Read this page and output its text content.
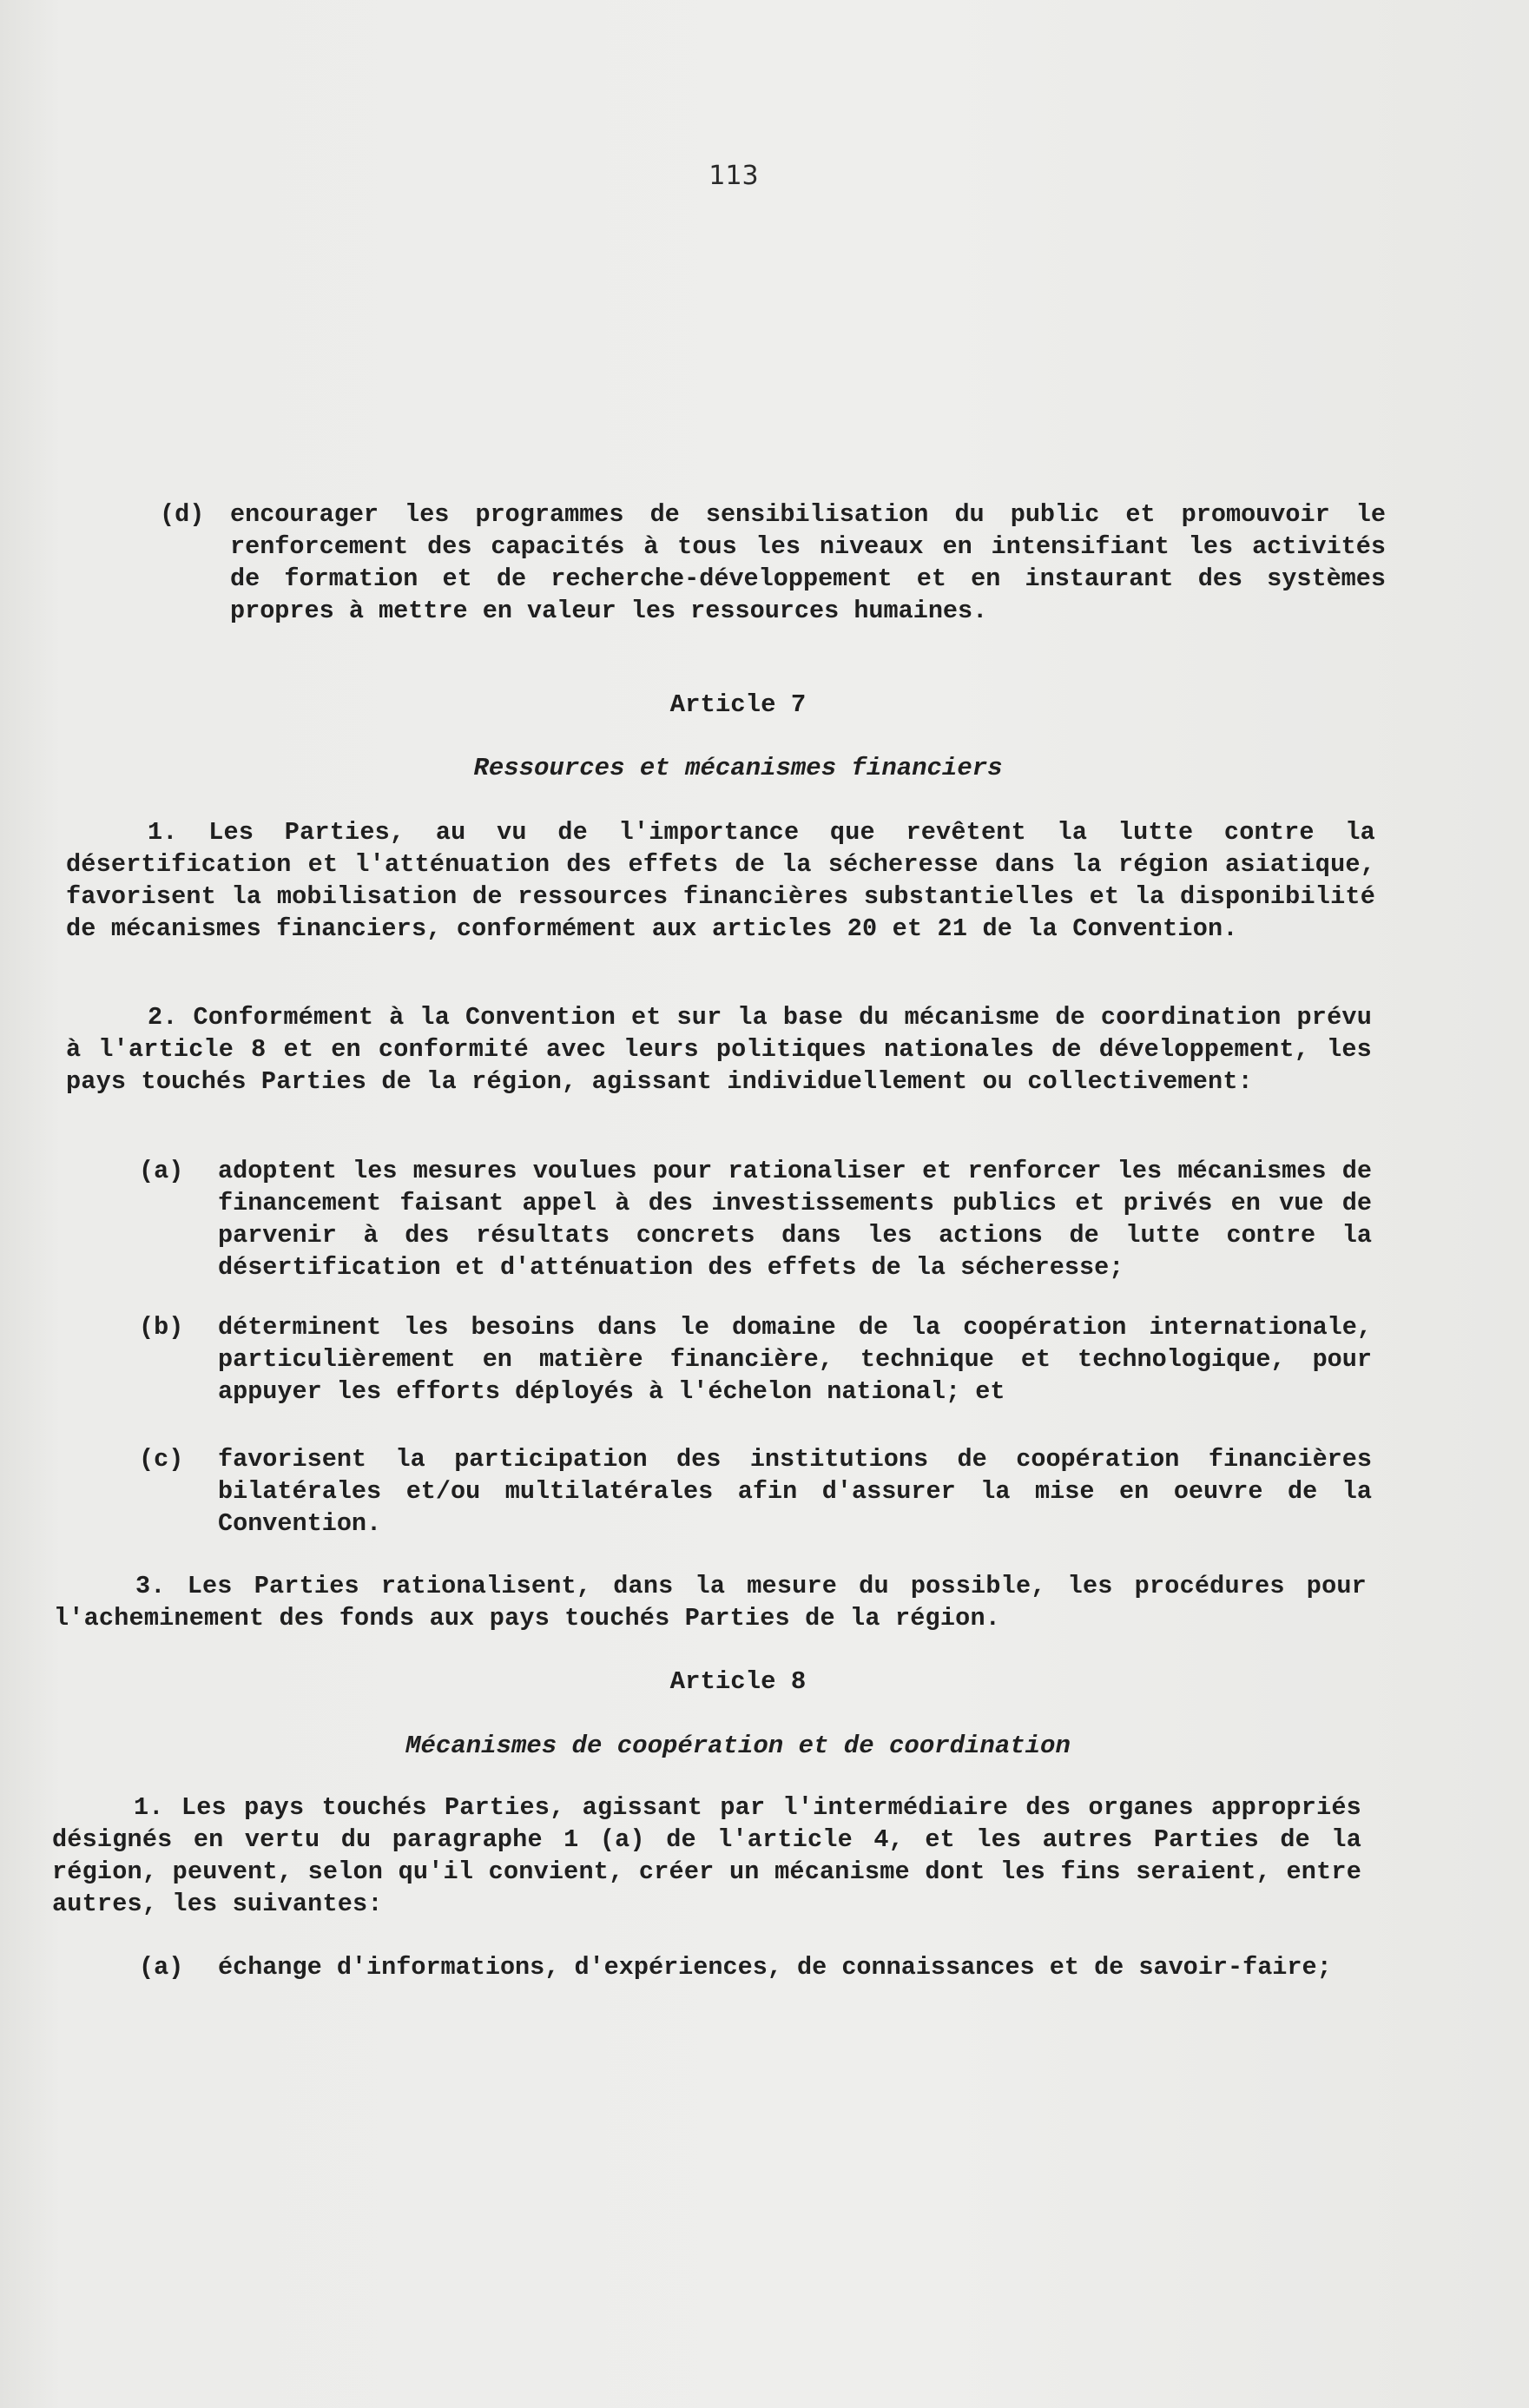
113
(d) encourager les programmes de sensibilisation du public et promouvoir le renforcement des capacités à tous les niveaux en intensifiant les activités de formation et de recherche-développement et en instaurant des systèmes propres à mettre en valeur les ressources humaines.
Article 7
Ressources et mécanismes financiers
1. Les Parties, au vu de l'importance que revêtent la lutte contre la désertification et l'atténuation des effets de la sécheresse dans la région asiatique, favorisent la mobilisation de ressources financières substantielles et la disponibilité de mécanismes financiers, conformément aux articles 20 et 21 de la Convention.
2. Conformément à la Convention et sur la base du mécanisme de coordination prévu à l'article 8 et en conformité avec leurs politiques nationales de développement, les pays touchés Parties de la région, agissant individuellement ou collectivement:
(a) adoptent les mesures voulues pour rationaliser et renforcer les mécanismes de financement faisant appel à des investissements publics et privés en vue de parvenir à des résultats concrets dans les actions de lutte contre la désertification et d'atténuation des effets de la sécheresse;
(b) déterminent les besoins dans le domaine de la coopération internationale, particulièrement en matière financière, technique et technologique, pour appuyer les efforts déployés à l'échelon national; et
(c) favorisent la participation des institutions de coopération financières bilatérales et/ou multilatérales afin d'assurer la mise en oeuvre de la Convention.
3. Les Parties rationalisent, dans la mesure du possible, les procédures pour l'acheminement des fonds aux pays touchés Parties de la région.
Article 8
Mécanismes de coopération et de coordination
1. Les pays touchés Parties, agissant par l'intermédiaire des organes appropriés désignés en vertu du paragraphe 1 (a) de l'article 4, et les autres Parties de la région, peuvent, selon qu'il convient, créer un mécanisme dont les fins seraient, entre autres, les suivantes:
(a) échange d'informations, d'expériences, de connaissances et de savoir-faire;
